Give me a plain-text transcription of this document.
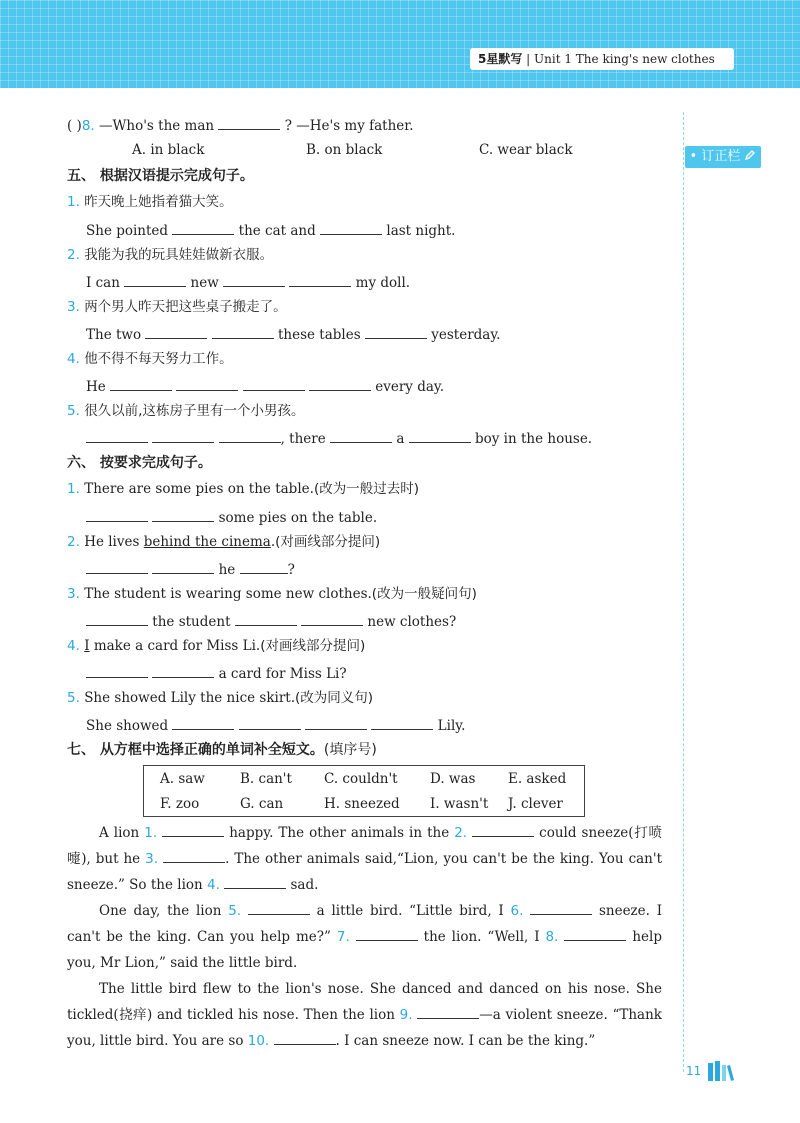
5星默写 | Unit 1 The king's new clothes
• 订正栏
( )8. —Who's the man	? —He's my father.
A. in black	B. on black	C. wear black
五、 根据汉语提示完成句子。
1. 昨天晚上她指着猫大笑。
She pointed	the cat and	last night.
2. 我能为我的玩具娃娃做新衣服。
I can	new	my doll.
3. 两个男人昨天把这些桌子搬走了。
The two	these tables	yesterday.
4. 他不得不每天努力工作。
He	every day.
5. 很久以前,这栋房子里有一个小男孩。
, there	a	boy in the house.
六、 按要求完成句子。
1. There are some pies on the table.(改为一般过去时)
some pies on the table.
2. He lives behind the cinema.(对画线部分提问)
he	?
3. The student is wearing some new clothes.(改为一般疑问句)
the student	new clothes?
4. I make a card for Miss Li.(对画线部分提问)
a card for Miss Li?
5. She showed Lily the nice skirt.(改为同义句)
She showed	Lily.
七、 从方框中选择正确的单词补全短文。(填序号)
A. saw	B. can't C. couldn't D. was E. asked
F. zoo	G. can	H. sneezed I. wasn't J. clever
A lion 1.	happy. The other animals in the 2.	could sneeze(打喷嚏), but he 3.	. The other animals said,“Lion, you can't be the king. You can't sneeze.” So the lion 4.	sad.
One day, the lion 5.	a little bird. “Little bird, I 6.	sneeze. I can't be the king. Can you help me?” 7.	the lion. “Well, I 8.	help you, Mr Lion,” said the little bird.
The little bird flew to the lion's nose. She danced and danced on his nose. She tickled(挠痒) and tickled his nose. Then the lion 9.	—a violent sneeze. “Thank you, little bird. You are so 10.	. I can sneeze now. I can be the king.”
11
